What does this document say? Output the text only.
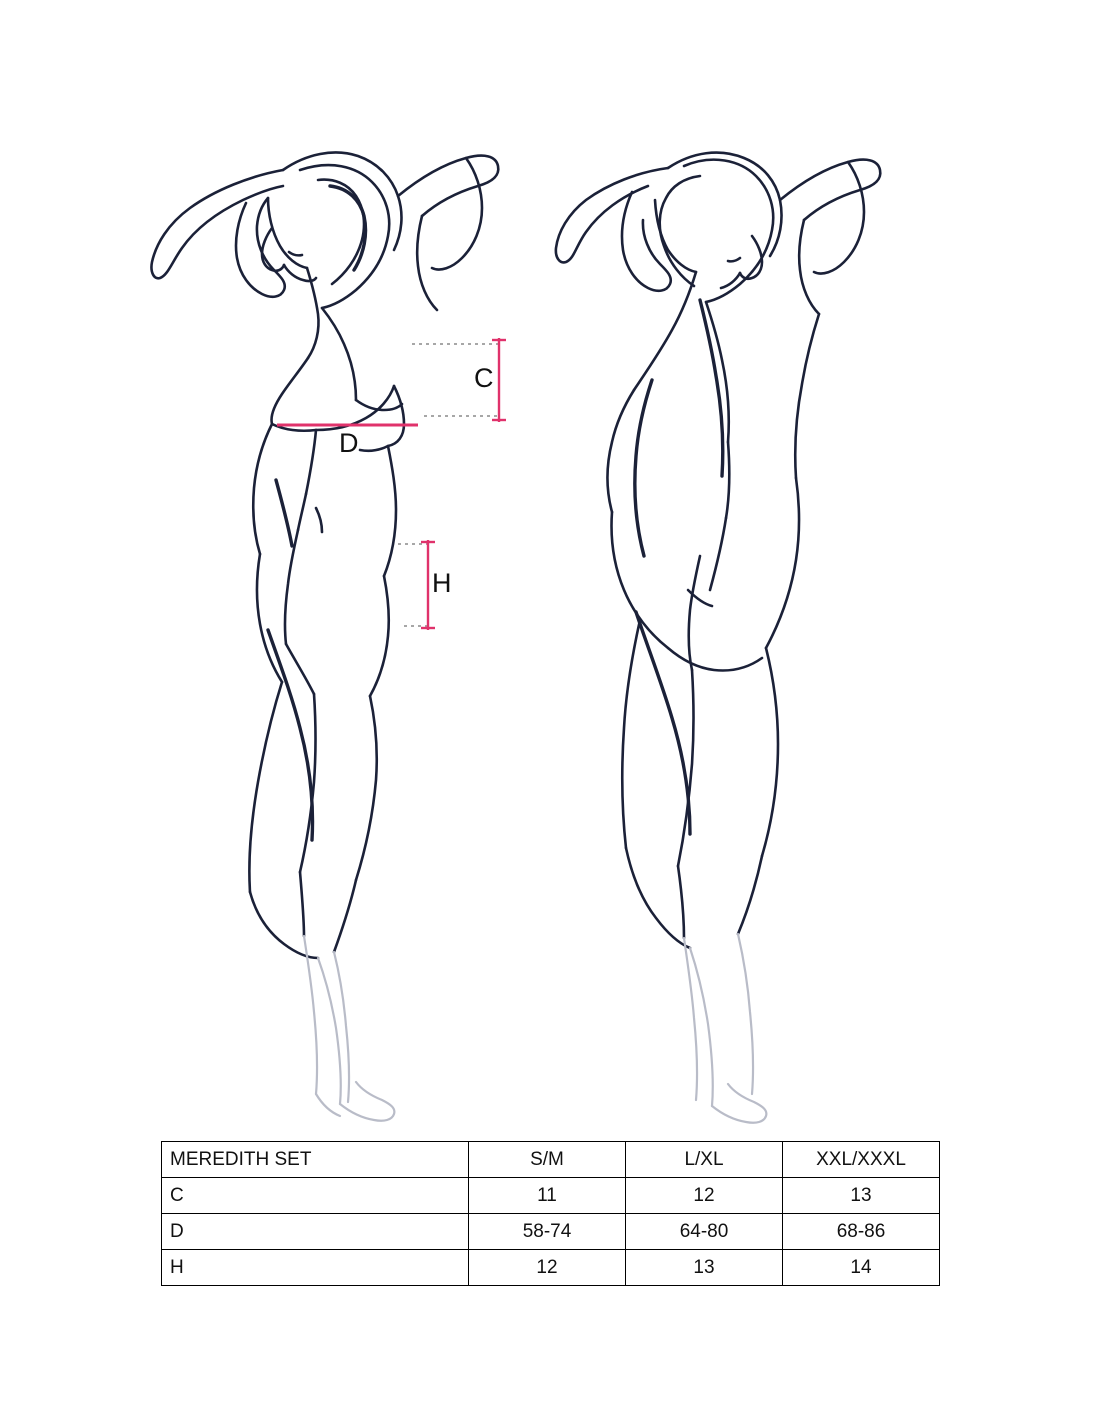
C
D
H
MEREDITH SET	S/M	L/XL	XXL/XXXL
C	11	12	13
D	58-74	64-80	68-86
H	12	13	14
